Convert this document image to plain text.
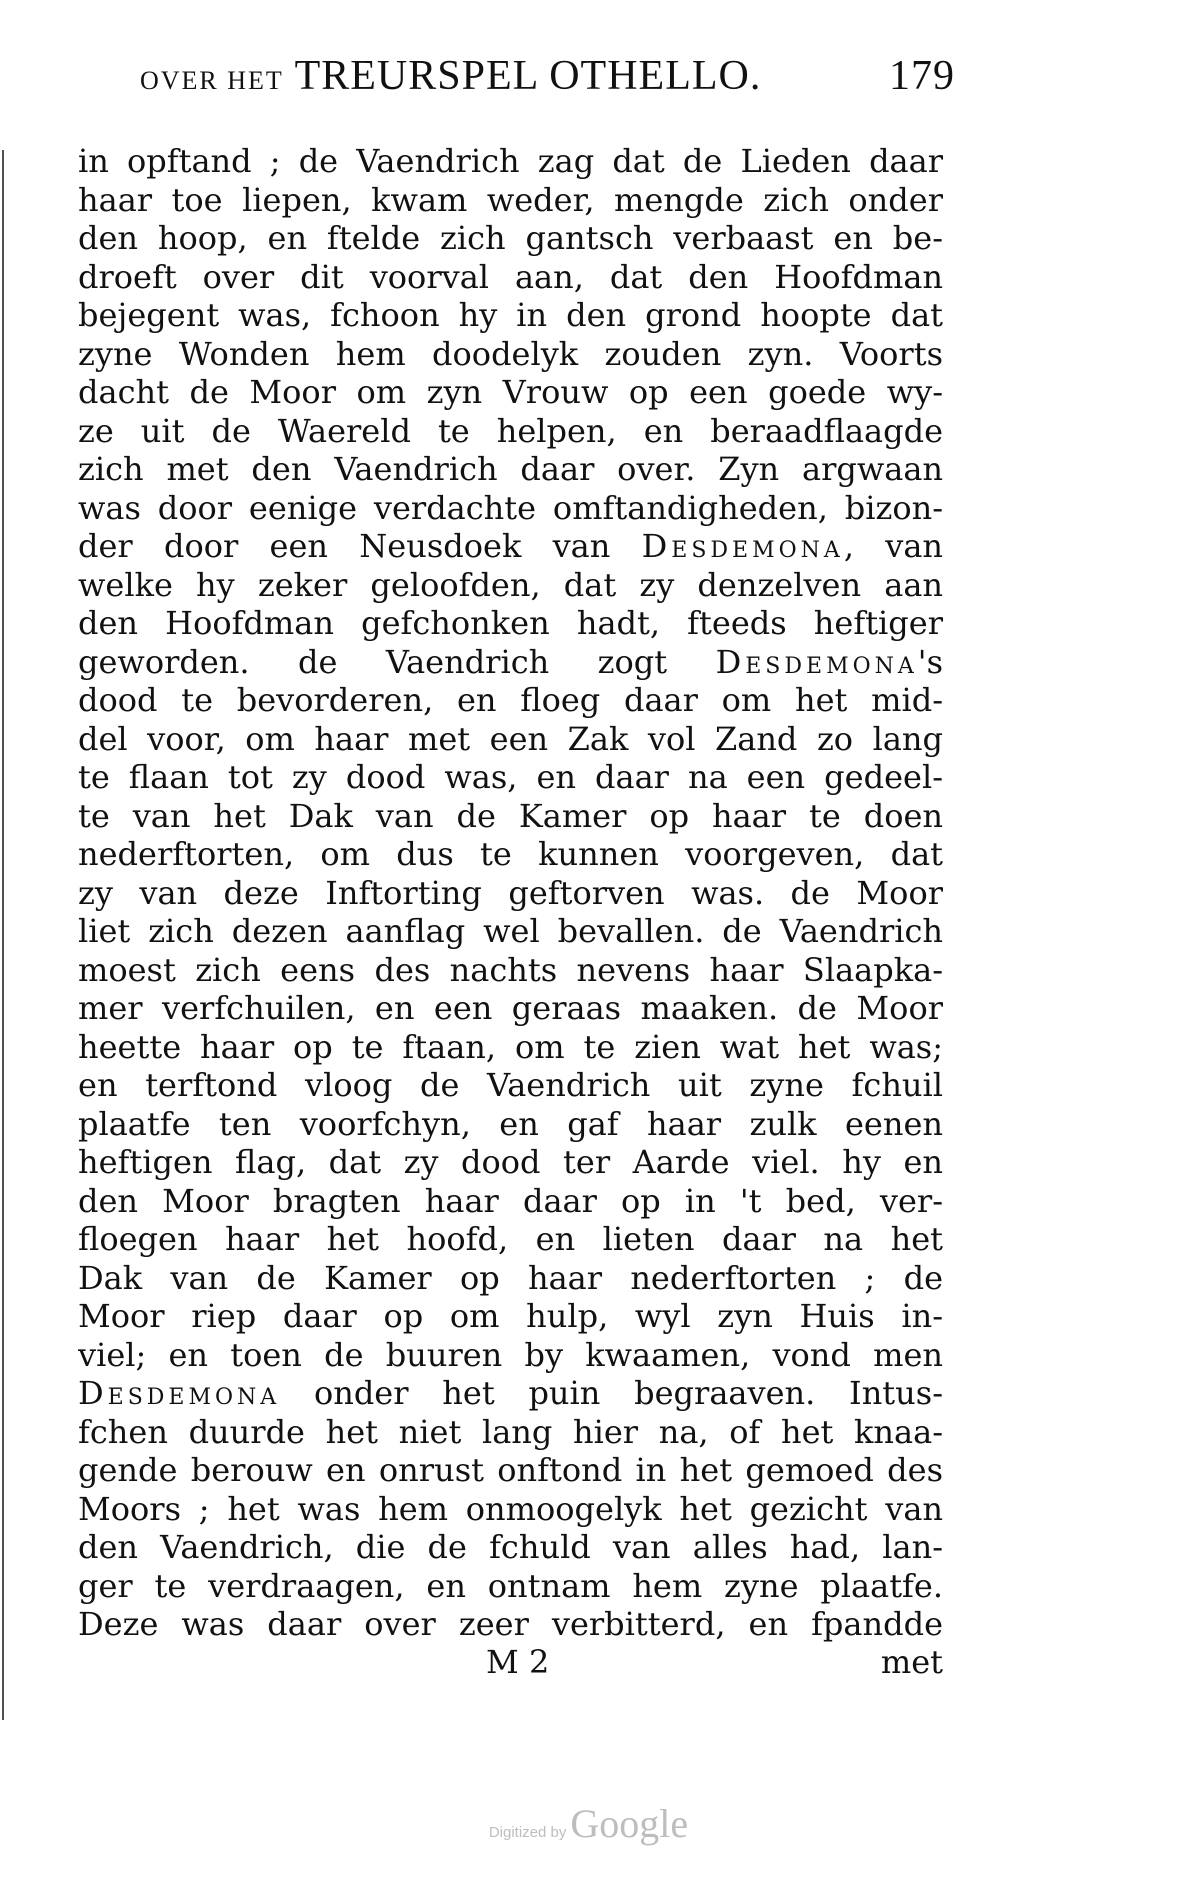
OVER HET TREURSPEL OTHELLO.	179
in opftand ; de Vaendrich zag dat de Lieden daar
haar toe liepen, kwam weder, mengde zich onder
den hoop, en ftelde zich gantsch verbaast en be-
droeft over dit voorval aan, dat den Hoofdman
bejegent was, fchoon hy in den grond hoopte dat
zyne Wonden hem doodelyk zouden zyn. Voorts
dacht de Moor om zyn Vrouw op een goede wy-
ze uit de Waereld te helpen, en beraadflaagde
zich met den Vaendrich daar over. Zyn argwaan
was door eenige verdachte omftandigheden, bizon-
der door een Neusdoek van Desdemona, van
welke hy zeker geloofden, dat zy denzelven aan
den Hoofdman gefchonken hadt, fteeds heftiger
geworden. de Vaendrich zogt Desdemona's
dood te bevorderen, en floeg daar om het mid-
del voor, om haar met een Zak vol Zand zo lang
te flaan tot zy dood was, en daar na een gedeel-
te van het Dak van de Kamer op haar te doen
nederftorten, om dus te kunnen voorgeven, dat
zy van deze Inftorting geftorven was. de Moor
liet zich dezen aanflag wel bevallen. de Vaendrich
moest zich eens des nachts nevens haar Slaapka-
mer verfchuilen, en een geraas maaken. de Moor
heette haar op te ftaan, om te zien wat het was;
en terftond vloog de Vaendrich uit zyne fchuil
plaatfe ten voorfchyn, en gaf haar zulk eenen
heftigen flag, dat zy dood ter Aarde viel. hy en
den Moor bragten haar daar op in 't bed, ver-
floegen haar het hoofd, en lieten daar na het
Dak van de Kamer op haar nederftorten ; de
Moor riep daar op om hulp, wyl zyn Huis in-
viel; en toen de buuren by kwaamen, vond men
Desdemona onder het puin begraaven. Intus-
fchen duurde het niet lang hier na, of het knaa-
gende berouw en onrust onftond in het gemoed des
Moors ; het was hem onmoogelyk het gezicht van
den Vaendrich, die de fchuld van alles had, lan-
ger te verdraagen, en ontnam hem zyne plaatfe.
Deze was daar over zeer verbitterd, en fpandde
M 2	met
Digitized by Google
